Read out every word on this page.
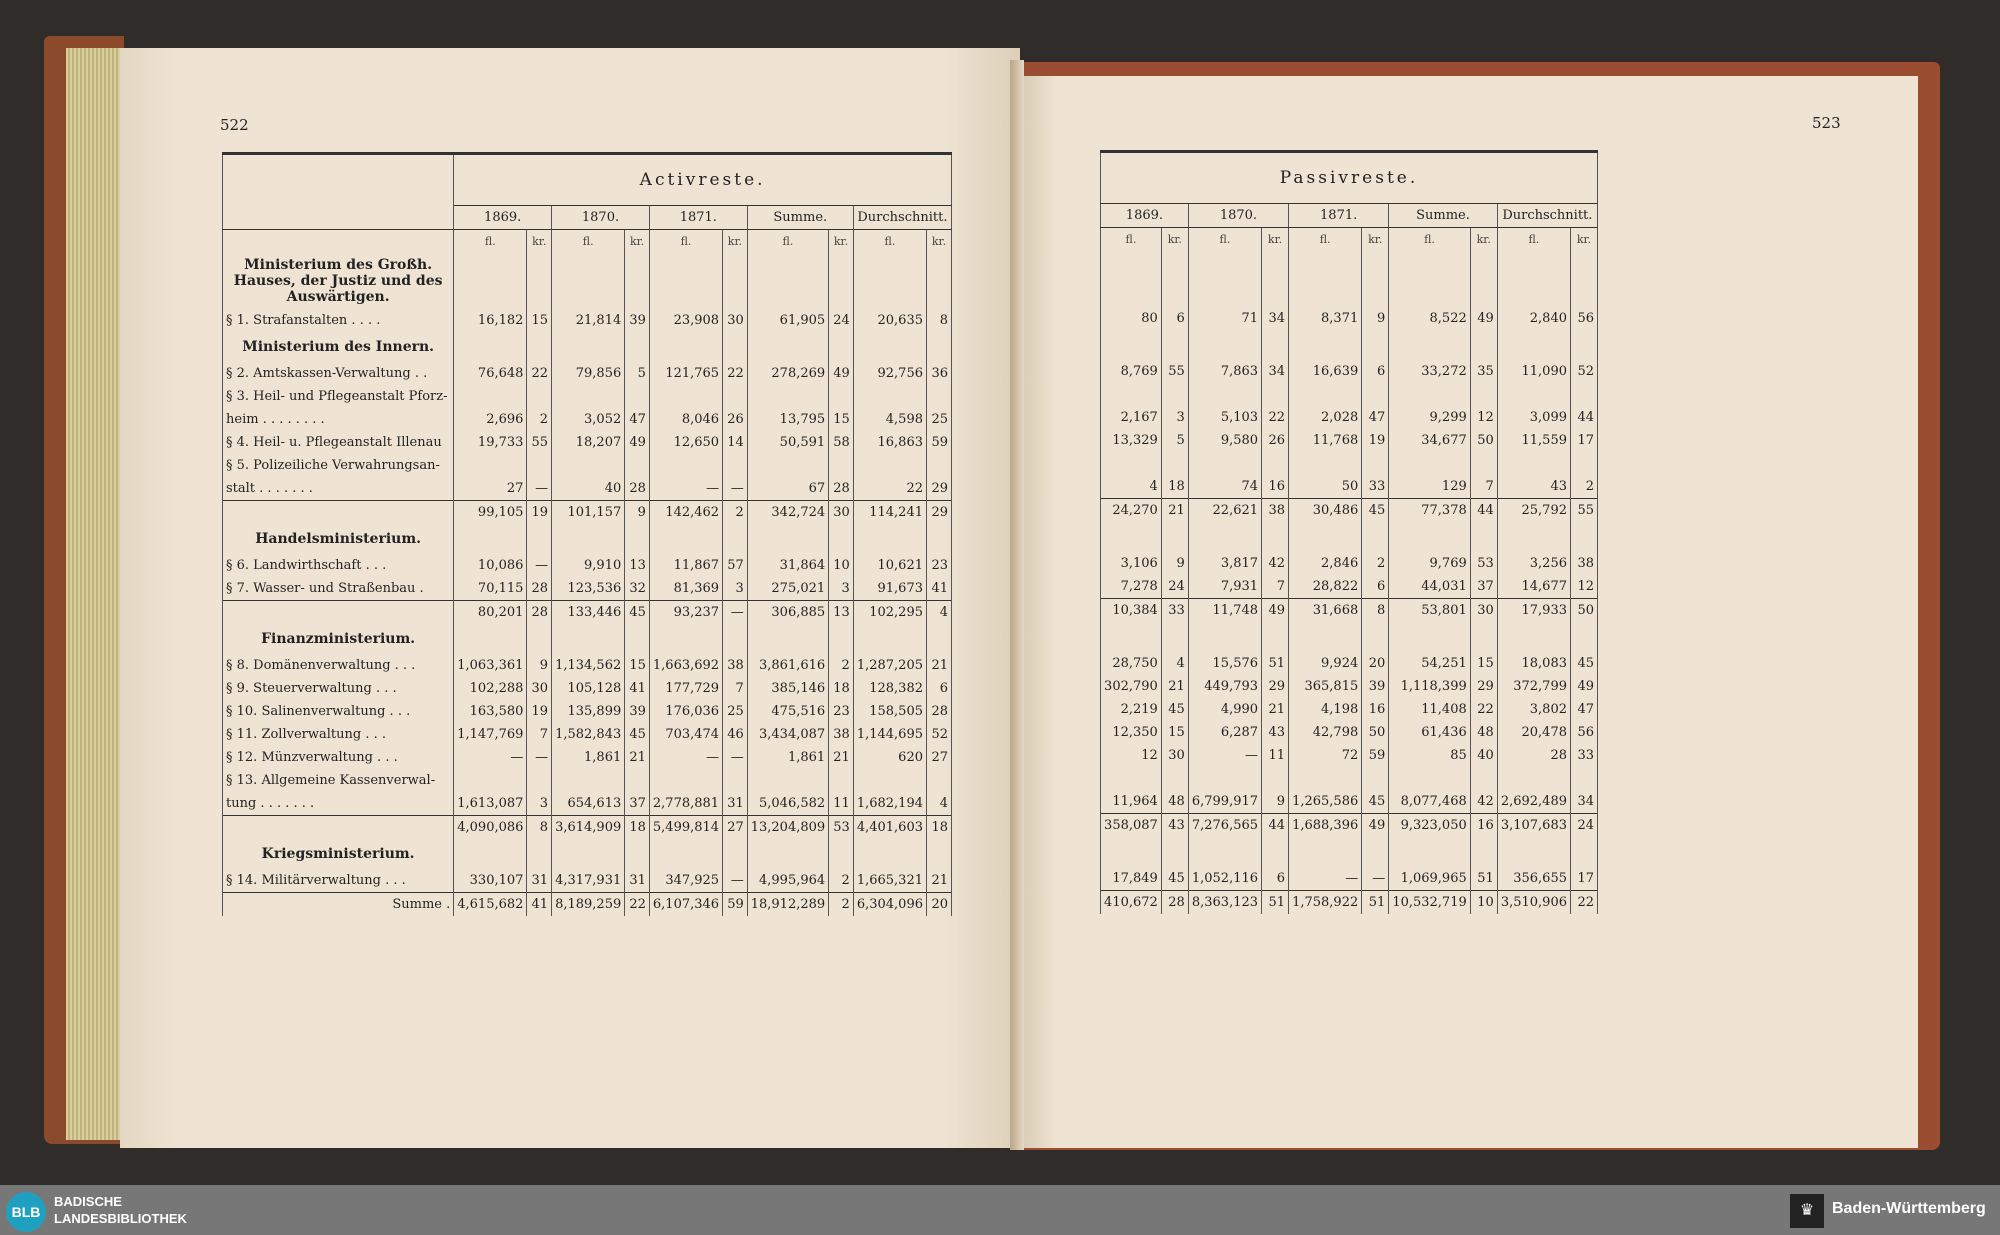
522	523
	Activreste.									
	1869.		1870.		1871.		Summe.		Durchschnitt.	
	fl.	kr.	fl.	kr.	fl.	kr.	fl.	kr.	fl.	kr.
Ministerium des Großh. Hauses, der Justiz und des Auswärtigen.										
§ 1. Strafanstalten . . . .	16,182	15	21,814	39	23,908	30	61,905	24	20,635	8
Ministerium des Innern.										
§ 2. Amtskassen-Verwaltung . .	76,648	22	79,856	5	121,765	22	278,269	49	92,756	36
§ 3. Heil- und Pflegeanstalt Pforz-										
heim . . . . . . . .	2,696	2	3,052	47	8,046	26	13,795	15	4,598	25
§ 4. Heil- u. Pflegeanstalt Illenau	19,733	55	18,207	49	12,650	14	50,591	58	16,863	59
§ 5. Polizeiliche Verwahrungsan-										
stalt . . . . . . .	27	—	40	28	—	—	67	28	22	29
	99,105	19	101,157	9	142,462	2	342,724	30	114,241	29
Handelsministerium.										
§ 6. Landwirthschaft . . .	10,086	—	9,910	13	11,867	57	31,864	10	10,621	23
§ 7. Wasser- und Straßenbau .	70,115	28	123,536	32	81,369	3	275,021	3	91,673	41
	80,201	28	133,446	45	93,237	—	306,885	13	102,295	4
Finanzministerium.										
§ 8. Domänenverwaltung . . .	1,063,361	9	1,134,562	15	1,663,692	38	3,861,616	2	1,287,205	21
§ 9. Steuerverwaltung . . .	102,288	30	105,128	41	177,729	7	385,146	18	128,382	6
§ 10. Salinenverwaltung . . .	163,580	19	135,899	39	176,036	25	475,516	23	158,505	28
§ 11. Zollverwaltung . . .	1,147,769	7	1,582,843	45	703,474	46	3,434,087	38	1,144,695	52
§ 12. Münzverwaltung . . .	—	—	1,861	21	—	—	1,861	21	620	27
§ 13. Allgemeine Kassenverwal-										
tung . . . . . . .	1,613,087	3	654,613	37	2,778,881	31	5,046,582	11	1,682,194	4
	4,090,086	8	3,614,909	18	5,499,814	27	13,204,809	53	4,401,603	18
Kriegsministerium.										
§ 14. Militärverwaltung . . .	330,107	31	4,317,931	31	347,925	—	4,995,964	2	1,665,321	21
Summe .	4,615,682	41	8,189,259	22	6,107,346	59	18,912,289	2	6,304,096	20
Passivreste.									
1869.		1870.		1871.		Summe.		Durchschnitt.	
fl.	kr.	fl.	kr.	fl.	kr.	fl.	kr.	fl.	kr.

80	6	71	34	8,371	9	8,522	49	2,840	56

8,769	55	7,863	34	16,639	6	33,272	35	11,090	52

2,167	3	5,103	22	2,028	47	9,299	12	3,099	44
13,329	5	9,580	26	11,768	19	34,677	50	11,559	17

4	18	74	16	50	33	129	7	43	2
24,270	21	22,621	38	30,486	45	77,378	44	25,792	55

3,106	9	3,817	42	2,846	2	9,769	53	3,256	38
7,278	24	7,931	7	28,822	6	44,031	37	14,677	12
10,384	33	11,748	49	31,668	8	53,801	30	17,933	50

28,750	4	15,576	51	9,924	20	54,251	15	18,083	45
302,790	21	449,793	29	365,815	39	1,118,399	29	372,799	49
2,219	45	4,990	21	4,198	16	11,408	22	3,802	47
12,350	15	6,287	43	42,798	50	61,436	48	20,478	56
12	30	—	11	72	59	85	40	28	33

11,964	48	6,799,917	9	1,265,586	45	8,077,468	42	2,692,489	34
358,087	43	7,276,565	44	1,688,396	49	9,323,050	16	3,107,683	24

17,849	45	1,052,116	6	—	—	1,069,965	51	356,655	17
410,672	28	8,363,123	51	1,758,922	51	10,532,719	10	3,510,906	22
BLB
BADISCHE
LANDESBIBLIOTHEK	♛	Baden-Württemberg
